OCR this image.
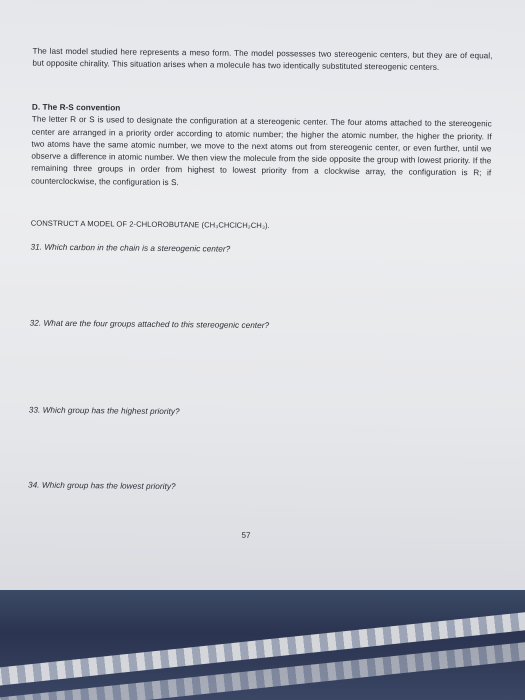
The last model studied here represents a meso form. The model possesses two stereogenic centers, but they are of equal, but opposite chirality. This situation arises when a molecule has two identically substituted stereogenic centers.

D. The R-S convention

The letter R or S is used to designate the configuration at a stereogenic center. The four atoms attached to the stereogenic center are arranged in a priority order according to atomic number; the higher the atomic number, the higher the priority. If two atoms have the same atomic number, we move to the next atoms out from stereogenic center, or even further, until we observe a difference in atomic number. We then view the molecule from the side opposite the group with lowest priority. If the remaining three groups in order from highest to lowest priority from a clockwise array, the configuration is R; if counterclockwise, the configuration is S.

CONSTRUCT A MODEL OF 2-CHLOROBUTANE (CH₃CHClCH₂CH₃).
31. Which carbon in the chain is a stereogenic center?
32. What are the four groups attached to this stereogenic center?
33. Which group has the highest priority?
34. Which group has the lowest priority?
57
